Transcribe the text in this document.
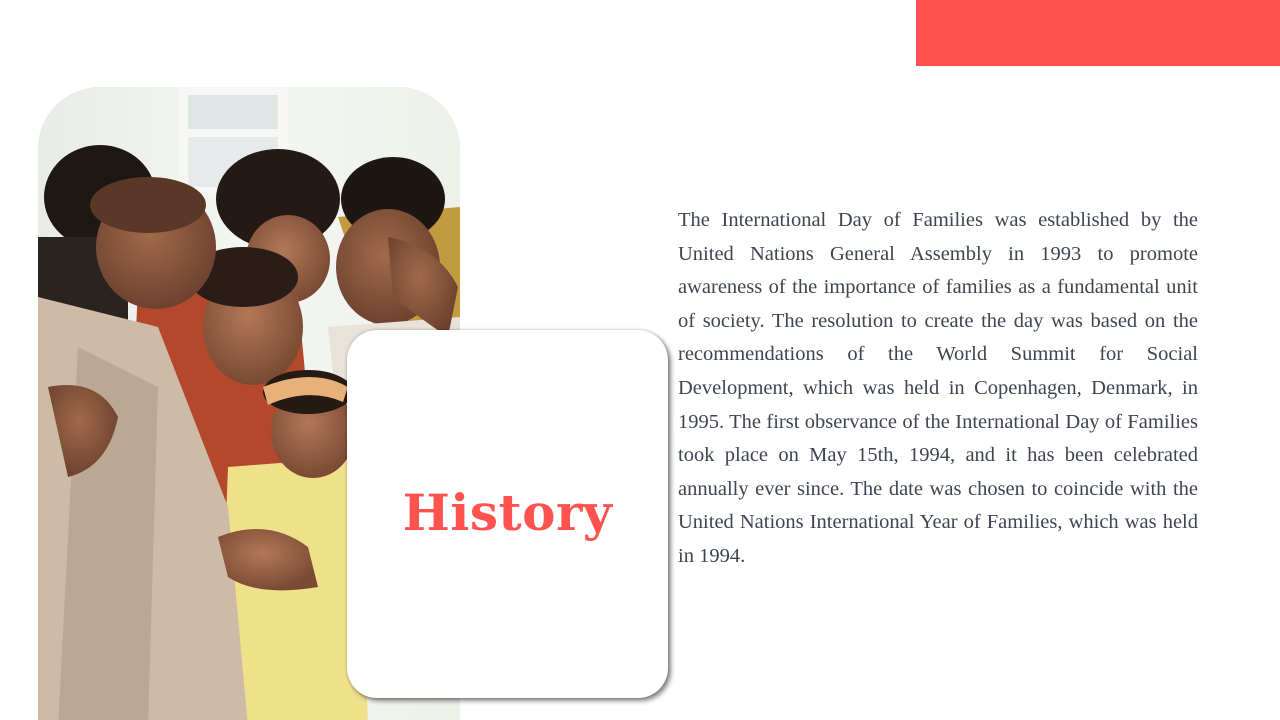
History

The International Day of Families was established by the United Nations General Assembly in 1993 to promote awareness of the importance of families as a fundamental unit of society. The resolution to create the day was based on the recommendations of the World Summit for Social Development, which was held in Copenhagen, Denmark, in 1995. The first observance of the International Day of Families took place on May 15th, 1994, and it has been celebrated annually ever since. The date was chosen to coincide with the United Nations International Year of Families, which was held in 1994.
